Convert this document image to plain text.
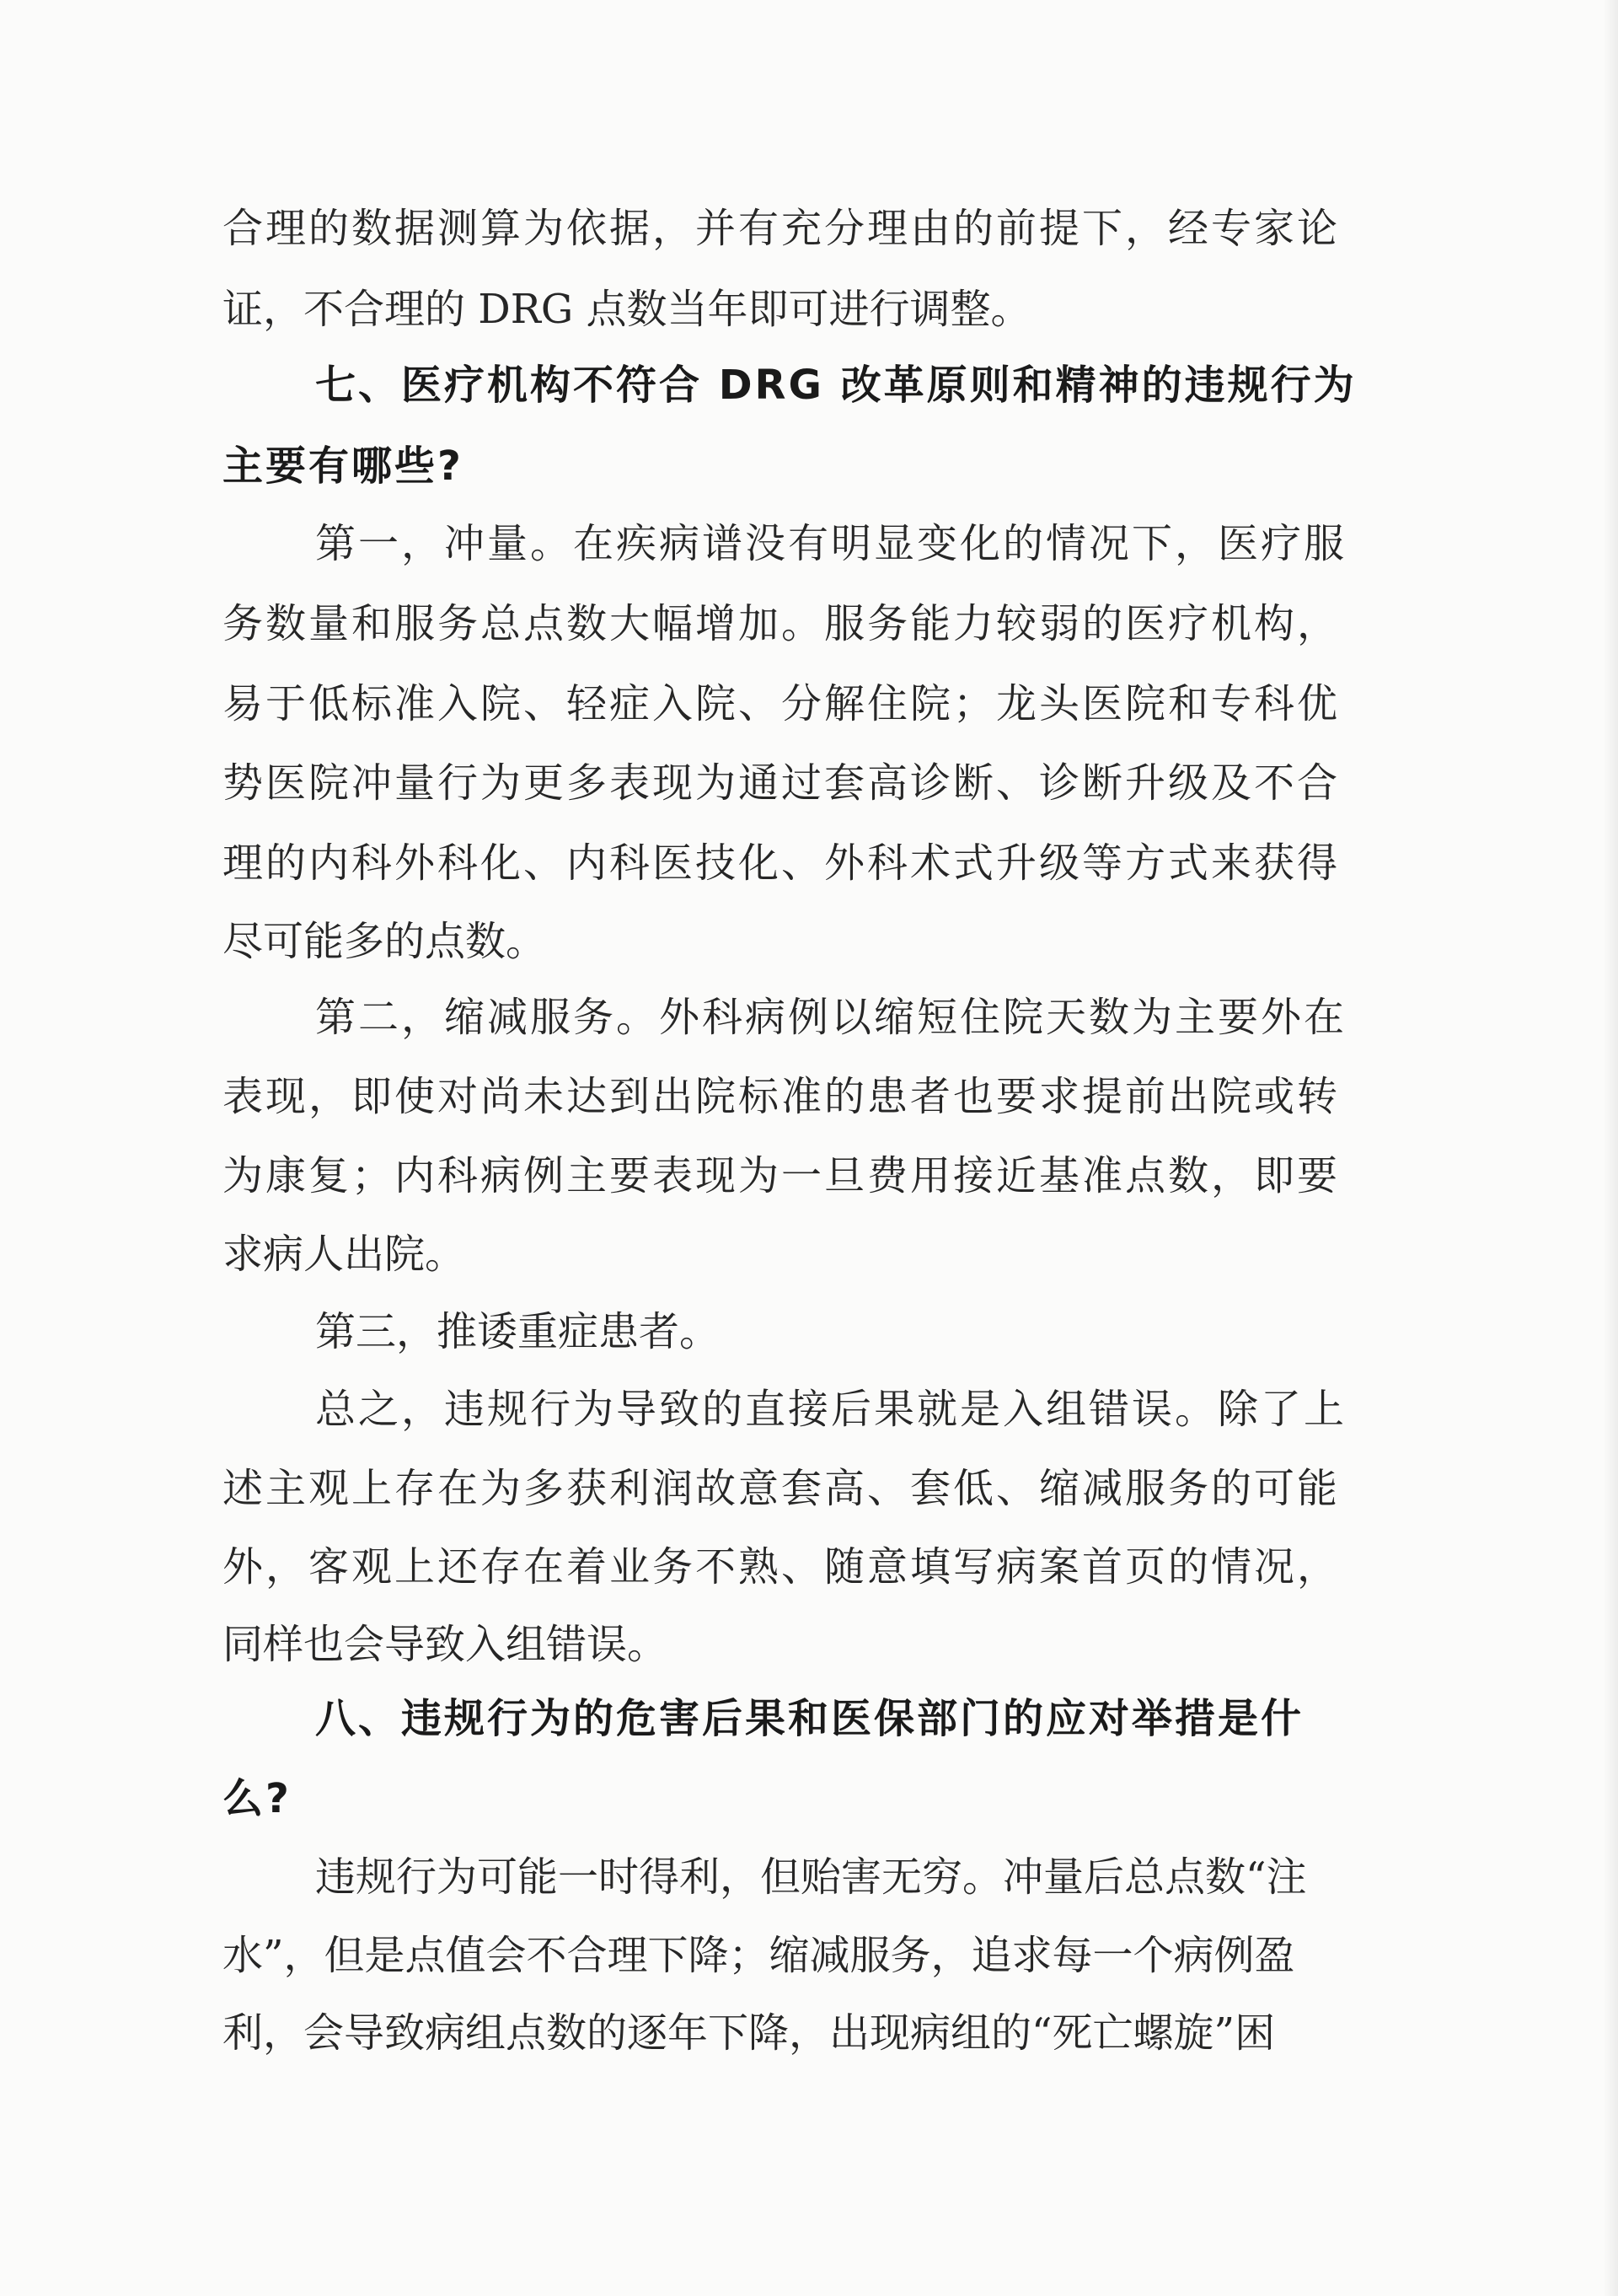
合理的数据测算为依据，并有充分理由的前提下，经专家论
证，不合理的 DRG 点数当年即可进行调整。
七、医疗机构不符合 DRG 改革原则和精神的违规行为
主要有哪些?
第一，冲量。在疾病谱没有明显变化的情况下，医疗服
务数量和服务总点数大幅增加。服务能力较弱的医疗机构，
易于低标准入院、轻症入院、分解住院；龙头医院和专科优
势医院冲量行为更多表现为通过套高诊断、诊断升级及不合
理的内科外科化、内科医技化、外科术式升级等方式来获得
尽可能多的点数。
第二，缩减服务。外科病例以缩短住院天数为主要外在
表现，即使对尚未达到出院标准的患者也要求提前出院或转
为康复；内科病例主要表现为一旦费用接近基准点数，即要
求病人出院。
第三，推诿重症患者。
总之，违规行为导致的直接后果就是入组错误。除了上
述主观上存在为多获利润故意套高、套低、缩减服务的可能
外，客观上还存在着业务不熟、随意填写病案首页的情况，
同样也会导致入组错误。
八、违规行为的危害后果和医保部门的应对举措是什
么?
违规行为可能一时得利，但贻害无穷。冲量后总点数“注
水”，但是点值会不合理下降；缩减服务，追求每一个病例盈
利，会导致病组点数的逐年下降，出现病组的“死亡螺旋”困
